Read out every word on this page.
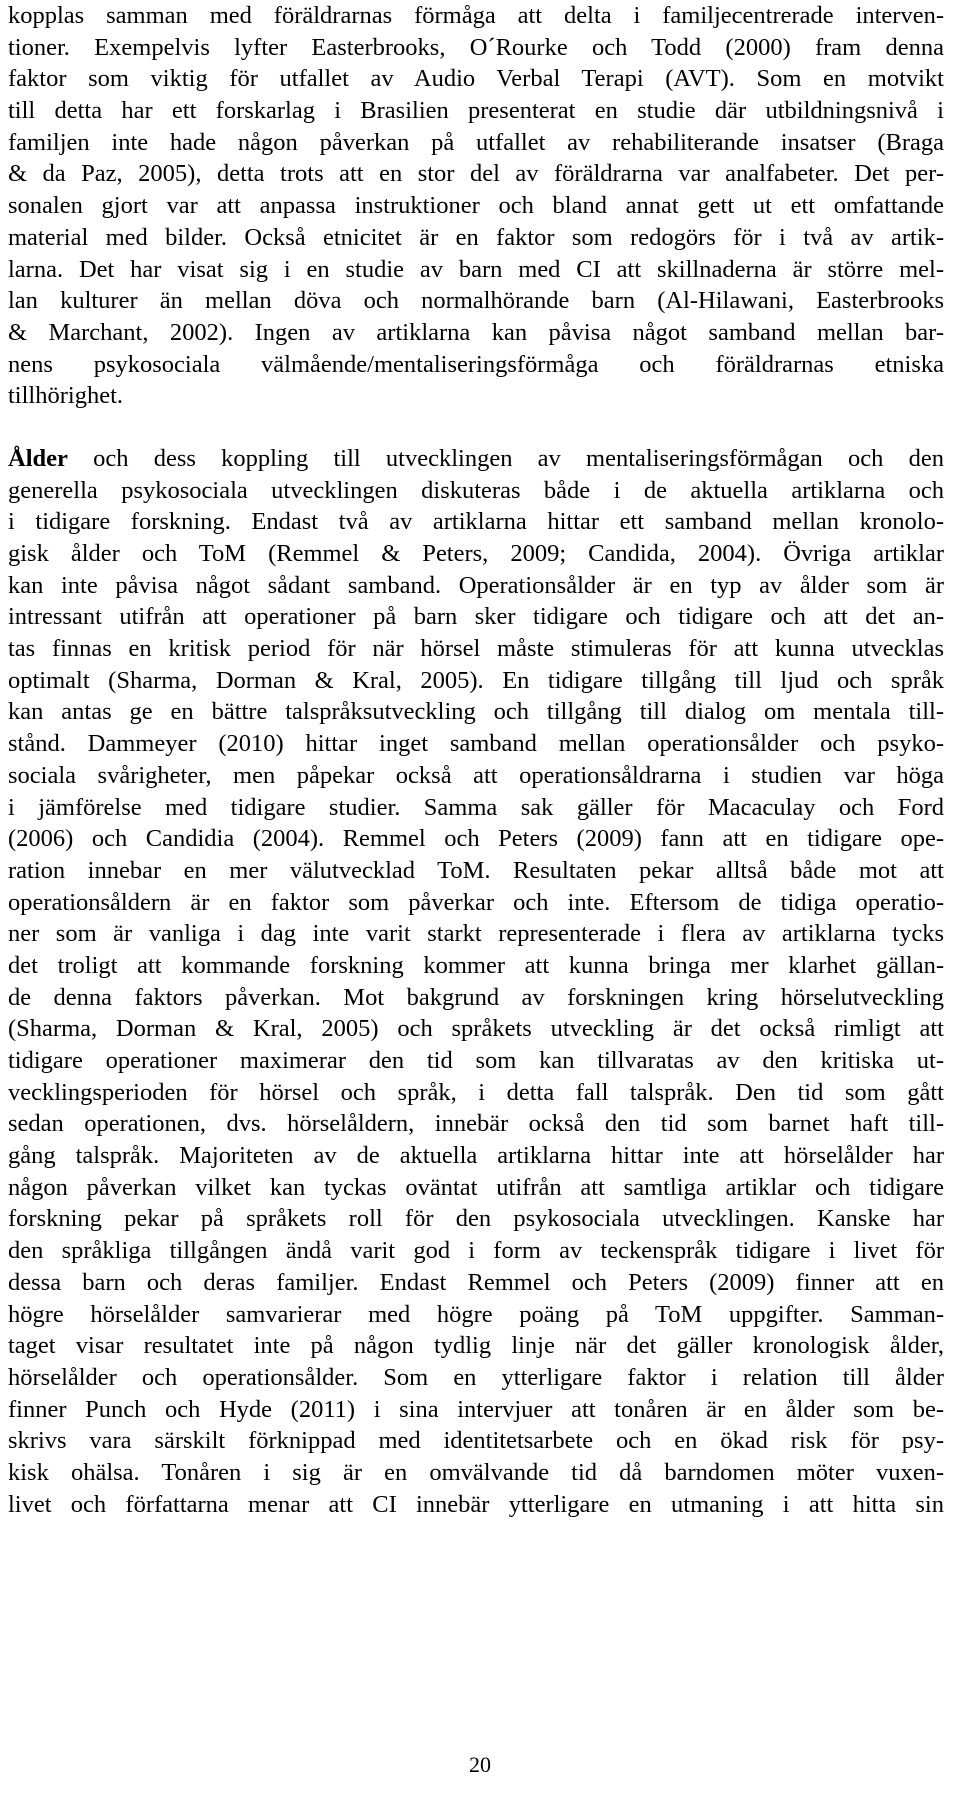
kopplas samman med föräldrarnas förmåga att delta i familjecentrerade interven-
tioner. Exempelvis lyfter Easterbrooks, O´Rourke och Todd (2000) fram denna
faktor som viktig för utfallet av Audio Verbal Terapi (AVT). Som en motvikt
till detta har ett forskarlag i Brasilien presenterat en studie där utbildningsnivå i
familjen inte hade någon påverkan på utfallet av rehabiliterande insatser (Braga
& da Paz, 2005), detta trots att en stor del av föräldrarna var analfabeter. Det per-
sonalen gjort var att anpassa instruktioner och bland annat gett ut ett omfattande
material med bilder. Också etnicitet är en faktor som redogörs för i två av artik-
larna. Det har visat sig i en studie av barn med CI att skillnaderna är större mel-
lan kulturer än mellan döva och normalhörande barn (Al-Hilawani, Easterbrooks
& Marchant, 2002). Ingen av artiklarna kan påvisa något samband mellan bar-
nens psykosociala välmående/mentaliseringsförmåga och föräldrarnas etniska
tillhörighet.
Ålder och dess koppling till utvecklingen av mentaliseringsförmågan och den
generella psykosociala utvecklingen diskuteras både i de aktuella artiklarna och
i tidigare forskning. Endast två av artiklarna hittar ett samband mellan kronolo-
gisk ålder och ToM (Remmel & Peters, 2009; Candida, 2004). Övriga artiklar
kan inte påvisa något sådant samband. Operationsålder är en typ av ålder som är
intressant utifrån att operationer på barn sker tidigare och tidigare och att det an-
tas finnas en kritisk period för när hörsel måste stimuleras för att kunna utvecklas
optimalt (Sharma, Dorman & Kral, 2005). En tidigare tillgång till ljud och språk
kan antas ge en bättre talspråksutveckling och tillgång till dialog om mentala till-
stånd. Dammeyer (2010) hittar inget samband mellan operationsålder och psyko-
sociala svårigheter, men påpekar också att operationsåldrarna i studien var höga
i jämförelse med tidigare studier. Samma sak gäller för Macaculay och Ford
(2006) och Candidia (2004). Remmel och Peters (2009) fann att en tidigare ope-
ration innebar en mer välutvecklad ToM. Resultaten pekar alltså både mot att
operationsåldern är en faktor som påverkar och inte. Eftersom de tidiga operatio-
ner som är vanliga i dag inte varit starkt representerade i flera av artiklarna tycks
det troligt att kommande forskning kommer att kunna bringa mer klarhet gällan-
de denna faktors påverkan. Mot bakgrund av forskningen kring hörselutveckling
(Sharma, Dorman & Kral, 2005) och språkets utveckling är det också rimligt att
tidigare operationer maximerar den tid som kan tillvaratas av den kritiska ut-
vecklingsperioden för hörsel och språk, i detta fall talspråk. Den tid som gått
sedan operationen, dvs. hörselåldern, innebär också den tid som barnet haft till-
gång talspråk. Majoriteten av de aktuella artiklarna hittar inte att hörselålder har
någon påverkan vilket kan tyckas oväntat utifrån att samtliga artiklar och tidigare
forskning pekar på språkets roll för den psykosociala utvecklingen. Kanske har
den språkliga tillgången ändå varit god i form av teckenspråk tidigare i livet för
dessa barn och deras familjer. Endast Remmel och Peters (2009) finner att en
högre hörselålder samvarierar med högre poäng på ToM uppgifter. Samman-
taget visar resultatet inte på någon tydlig linje när det gäller kronologisk ålder,
hörselålder och operationsålder. Som en ytterligare faktor i relation till ålder
finner Punch och Hyde (2011) i sina intervjuer att tonåren är en ålder som be-
skrivs vara särskilt förknippad med identitetsarbete och en ökad risk för psy-
kisk ohälsa. Tonåren i sig är en omvälvande tid då barndomen möter vuxen-
livet och författarna menar att CI innebär ytterligare en utmaning i att hitta sin
20
